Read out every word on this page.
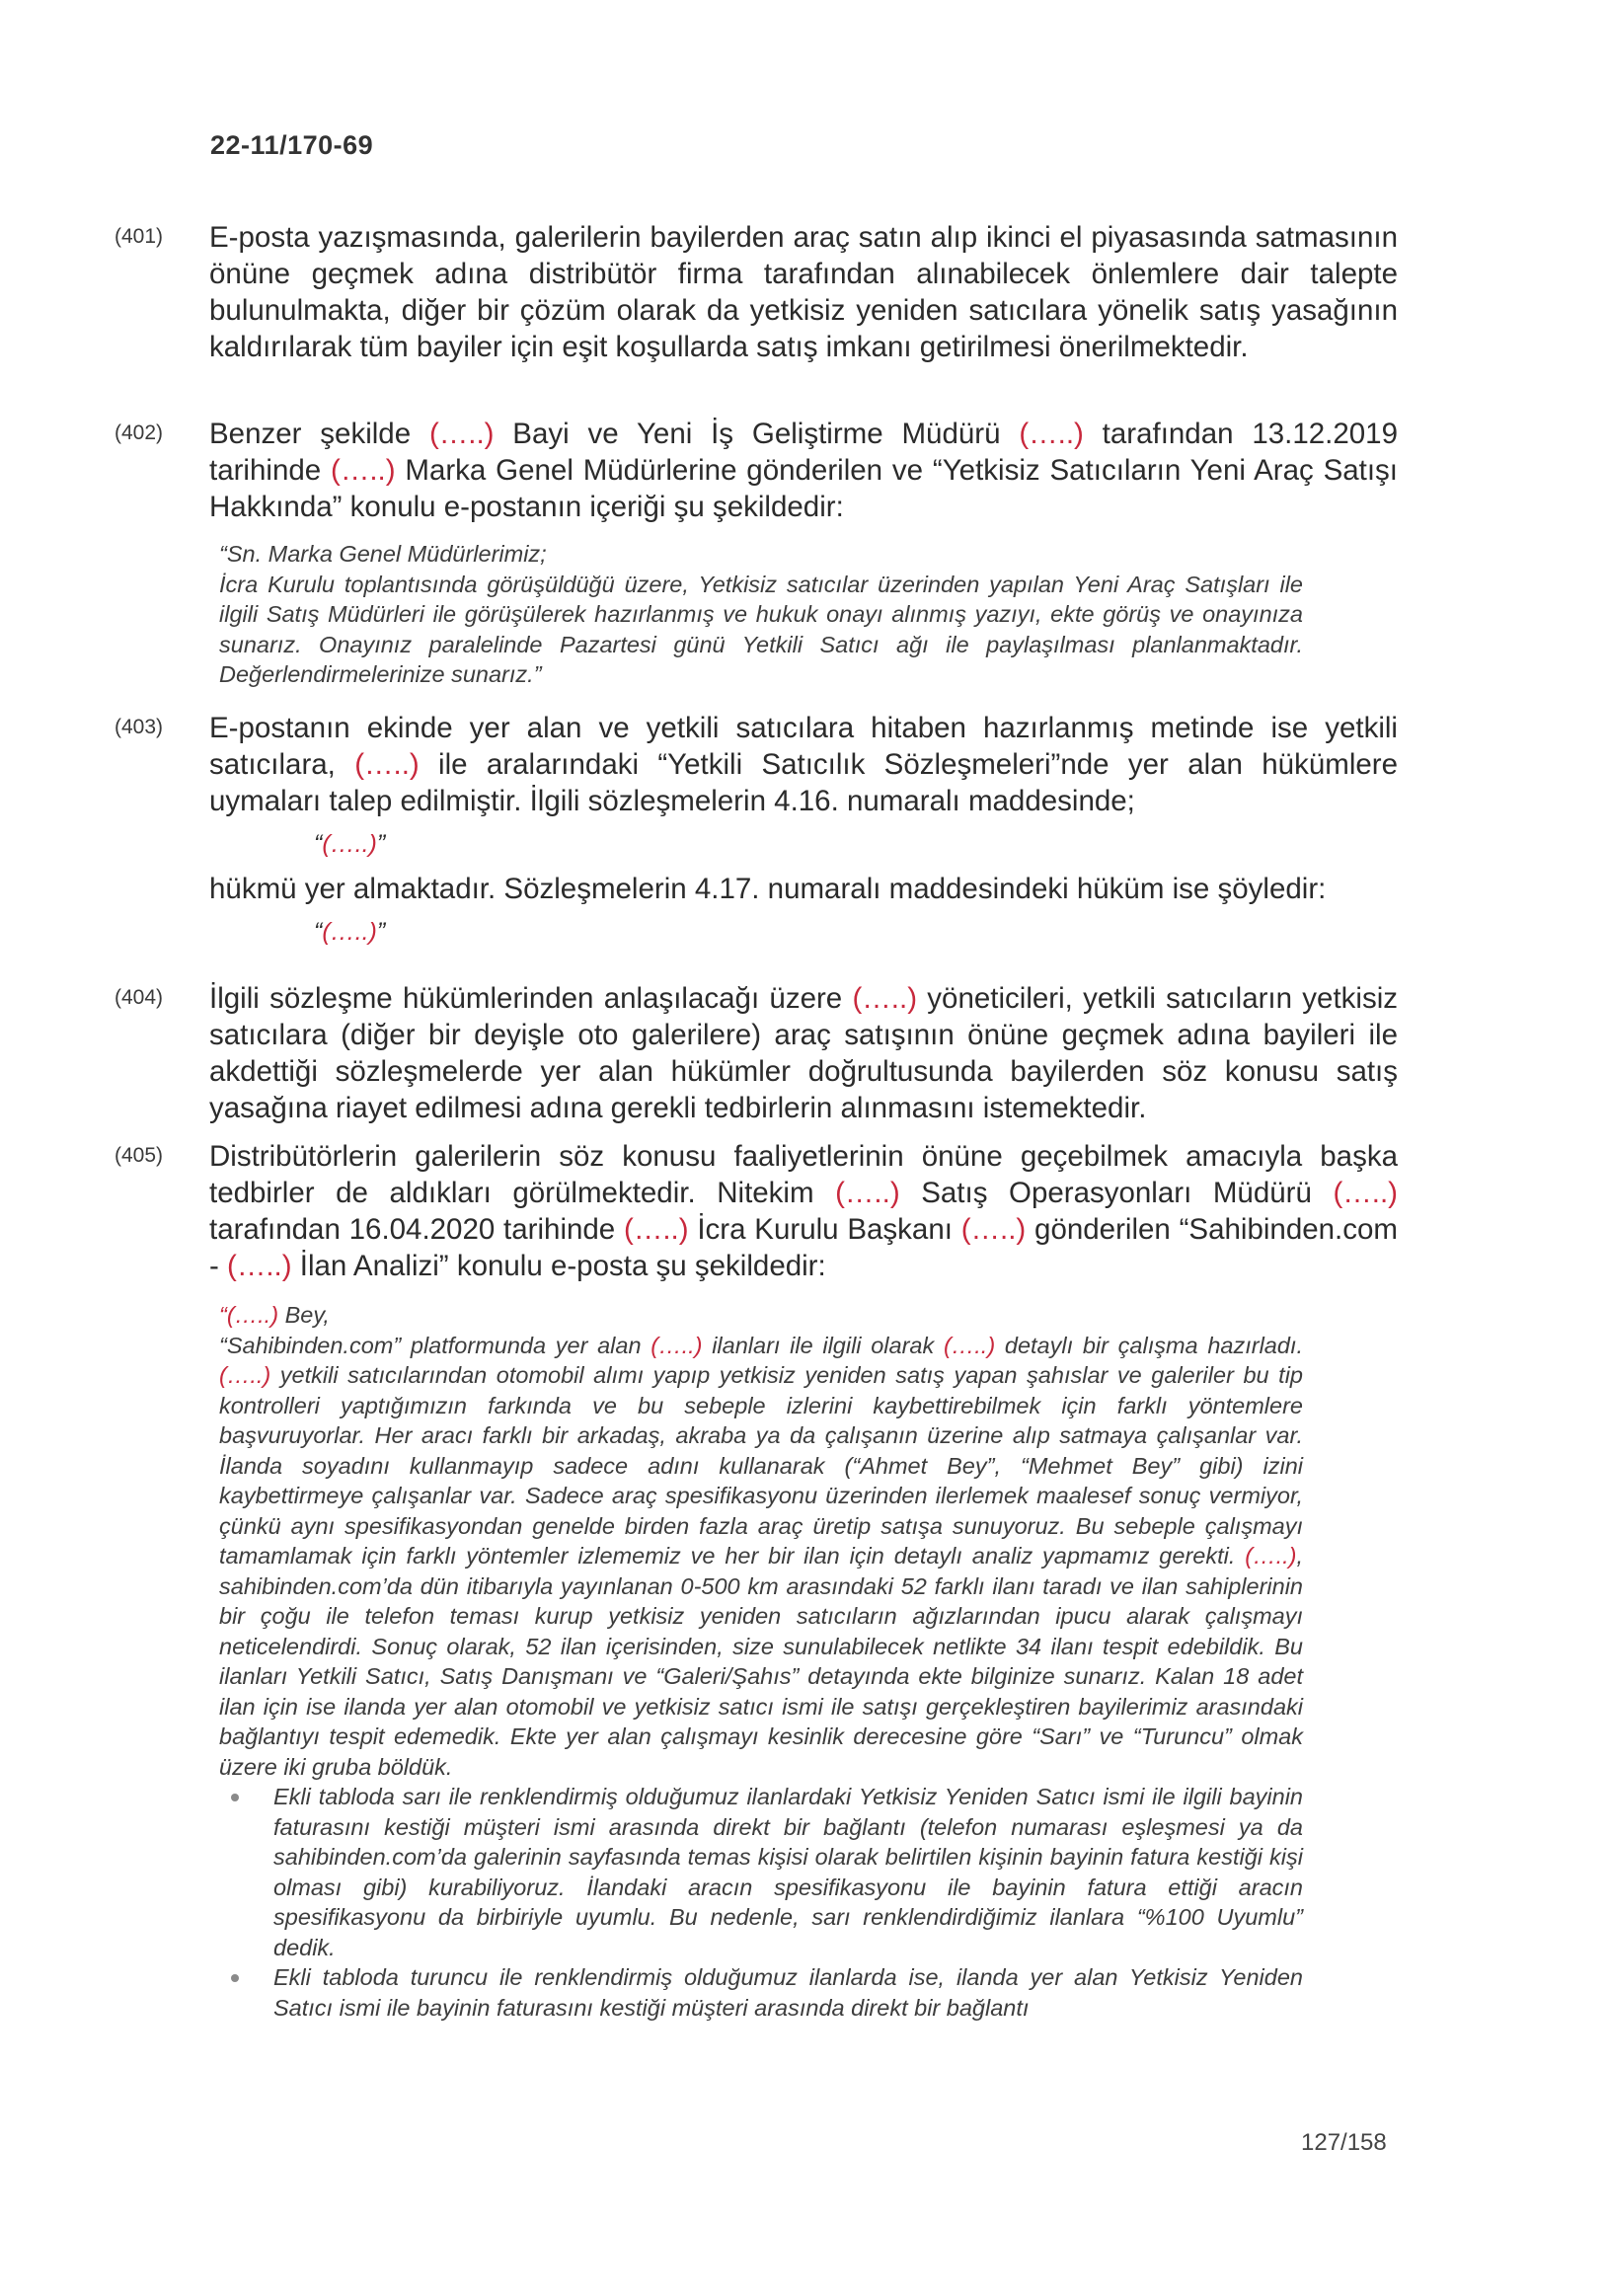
22-11/170-69
(401) E-posta yazışmasında, galerilerin bayilerden araç satın alıp ikinci el piyasasında satmasının önüne geçmek adına distribütör firma tarafından alınabilecek önlemlere dair talepte bulunulmakta, diğer bir çözüm olarak da yetkisiz yeniden satıcılara yönelik satış yasağının kaldırılarak tüm bayiler için eşit koşullarda satış imkanı getirilmesi önerilmektedir.

(402) Benzer şekilde (…..) Bayi ve Yeni İş Geliştirme Müdürü (…..) tarafından 13.12.2019 tarihinde (…..) Marka Genel Müdürlerine gönderilen ve “Yetkisiz Satıcıların Yeni Araç Satışı Hakkında” konulu e-postanın içeriği şu şekildedir:

“Sn. Marka Genel Müdürlerimiz;

İcra Kurulu toplantısında görüşüldüğü üzere, Yetkisiz satıcılar üzerinden yapılan Yeni Araç Satışları ile ilgili Satış Müdürleri ile görüşülerek hazırlanmış ve hukuk onayı alınmış yazıyı, ekte görüş ve onayınıza sunarız. Onayınız paralelinde Pazartesi günü Yetkili Satıcı ağı ile paylaşılması planlanmaktadır. Değerlendirmelerinize sunarız.”

(403) E-postanın ekinde yer alan ve yetkili satıcılara hitaben hazırlanmış metinde ise yetkili satıcılara, (…..) ile aralarındaki “Yetkili Satıcılık Sözleşmeleri”nde yer alan hükümlere uymaları talep edilmiştir. İlgili sözleşmelerin 4.16. numaralı maddesinde;

“(…..)”

hükmü yer almaktadır. Sözleşmelerin 4.17. numaralı maddesindeki hüküm ise şöyledir:

“(…..)”
(404) İlgili sözleşme hükümlerinden anlaşılacağı üzere (…..) yöneticileri, yetkili satıcıların yetkisiz satıcılara (diğer bir deyişle oto galerilere) araç satışının önüne geçmek adına bayileri ile akdettiği sözleşmelerde yer alan hükümler doğrultusunda bayilerden söz konusu satış yasağına riayet edilmesi adına gerekli tedbirlerin alınmasını istemektedir.

(405) Distribütörlerin galerilerin söz konusu faaliyetlerinin önüne geçebilmek amacıyla başka tedbirler de aldıkları görülmektedir. Nitekim (…..) Satış Operasyonları Müdürü (…..) tarafından 16.04.2020 tarihinde (…..) İcra Kurulu Başkanı (…..) gönderilen “Sahibinden.com - (…..) İlan Analizi” konulu e-posta şu şekildedir:

“(…..) Bey,

“Sahibinden.com” platformunda yer alan (…..) ilanları ile ilgili olarak (…..) detaylı bir çalışma hazırladı. (…..) yetkili satıcılarından otomobil alımı yapıp yetkisiz yeniden satış yapan şahıslar ve galeriler bu tip kontrolleri yaptığımızın farkında ve bu sebeple izlerini kaybettirebilmek için farklı yöntemlere başvuruyorlar. Her aracı farklı bir arkadaş, akraba ya da çalışanın üzerine alıp satmaya çalışanlar var. İlanda soyadını kullanmayıp sadece adını kullanarak (“Ahmet Bey”, “Mehmet Bey” gibi) izini kaybettirmeye çalışanlar var. Sadece araç spesifikasyonu üzerinden ilerlemek maalesef sonuç vermiyor, çünkü aynı spesifikasyondan genelde birden fazla araç üretip satışa sunuyoruz. Bu sebeple çalışmayı tamamlamak için farklı yöntemler izlememiz ve her bir ilan için detaylı analiz yapmamız gerekti. (…..), sahibinden.com’da dün itibarıyla yayınlanan 0-500 km arasındaki 52 farklı ilanı taradı ve ilan sahiplerinin bir çoğu ile telefon teması kurup yetkisiz yeniden satıcıların ağızlarından ipucu alarak çalışmayı neticelendirdi. Sonuç olarak, 52 ilan içerisinden, size sunulabilecek netlikte 34 ilanı tespit edebildik. Bu ilanları Yetkili Satıcı, Satış Danışmanı ve “Galeri/Şahıs” detayında ekte bilginize sunarız. Kalan 18 adet ilan için ise ilanda yer alan otomobil ve yetkisiz satıcı ismi ile satışı gerçekleştiren bayilerimiz arasındaki bağlantıyı tespit edemedik. Ekte yer alan çalışmayı kesinlik derecesine göre “Sarı” ve “Turuncu” olmak üzere iki gruba böldük.

Ekli tabloda sarı ile renklendirmiş olduğumuz ilanlardaki Yetkisiz Yeniden Satıcı ismi ile ilgili bayinin faturasını kestiği müşteri ismi arasında direkt bir bağlantı (telefon numarası eşleşmesi ya da sahibinden.com’da galerinin sayfasında temas kişisi olarak belirtilen kişinin bayinin fatura kestiği kişi olması gibi) kurabiliyoruz. İlandaki aracın spesifikasyonu ile bayinin fatura ettiği aracın spesifikasyonu da birbiriyle uyumlu. Bu nedenle, sarı renklendirdiğimiz ilanlara “%100 Uyumlu” dedik.
Ekli tabloda turuncu ile renklendirmiş olduğumuz ilanlarda ise, ilanda yer alan Yetkisiz Yeniden Satıcı ismi ile bayinin faturasını kestiği müşteri arasında direkt bir bağlantı
127/158
